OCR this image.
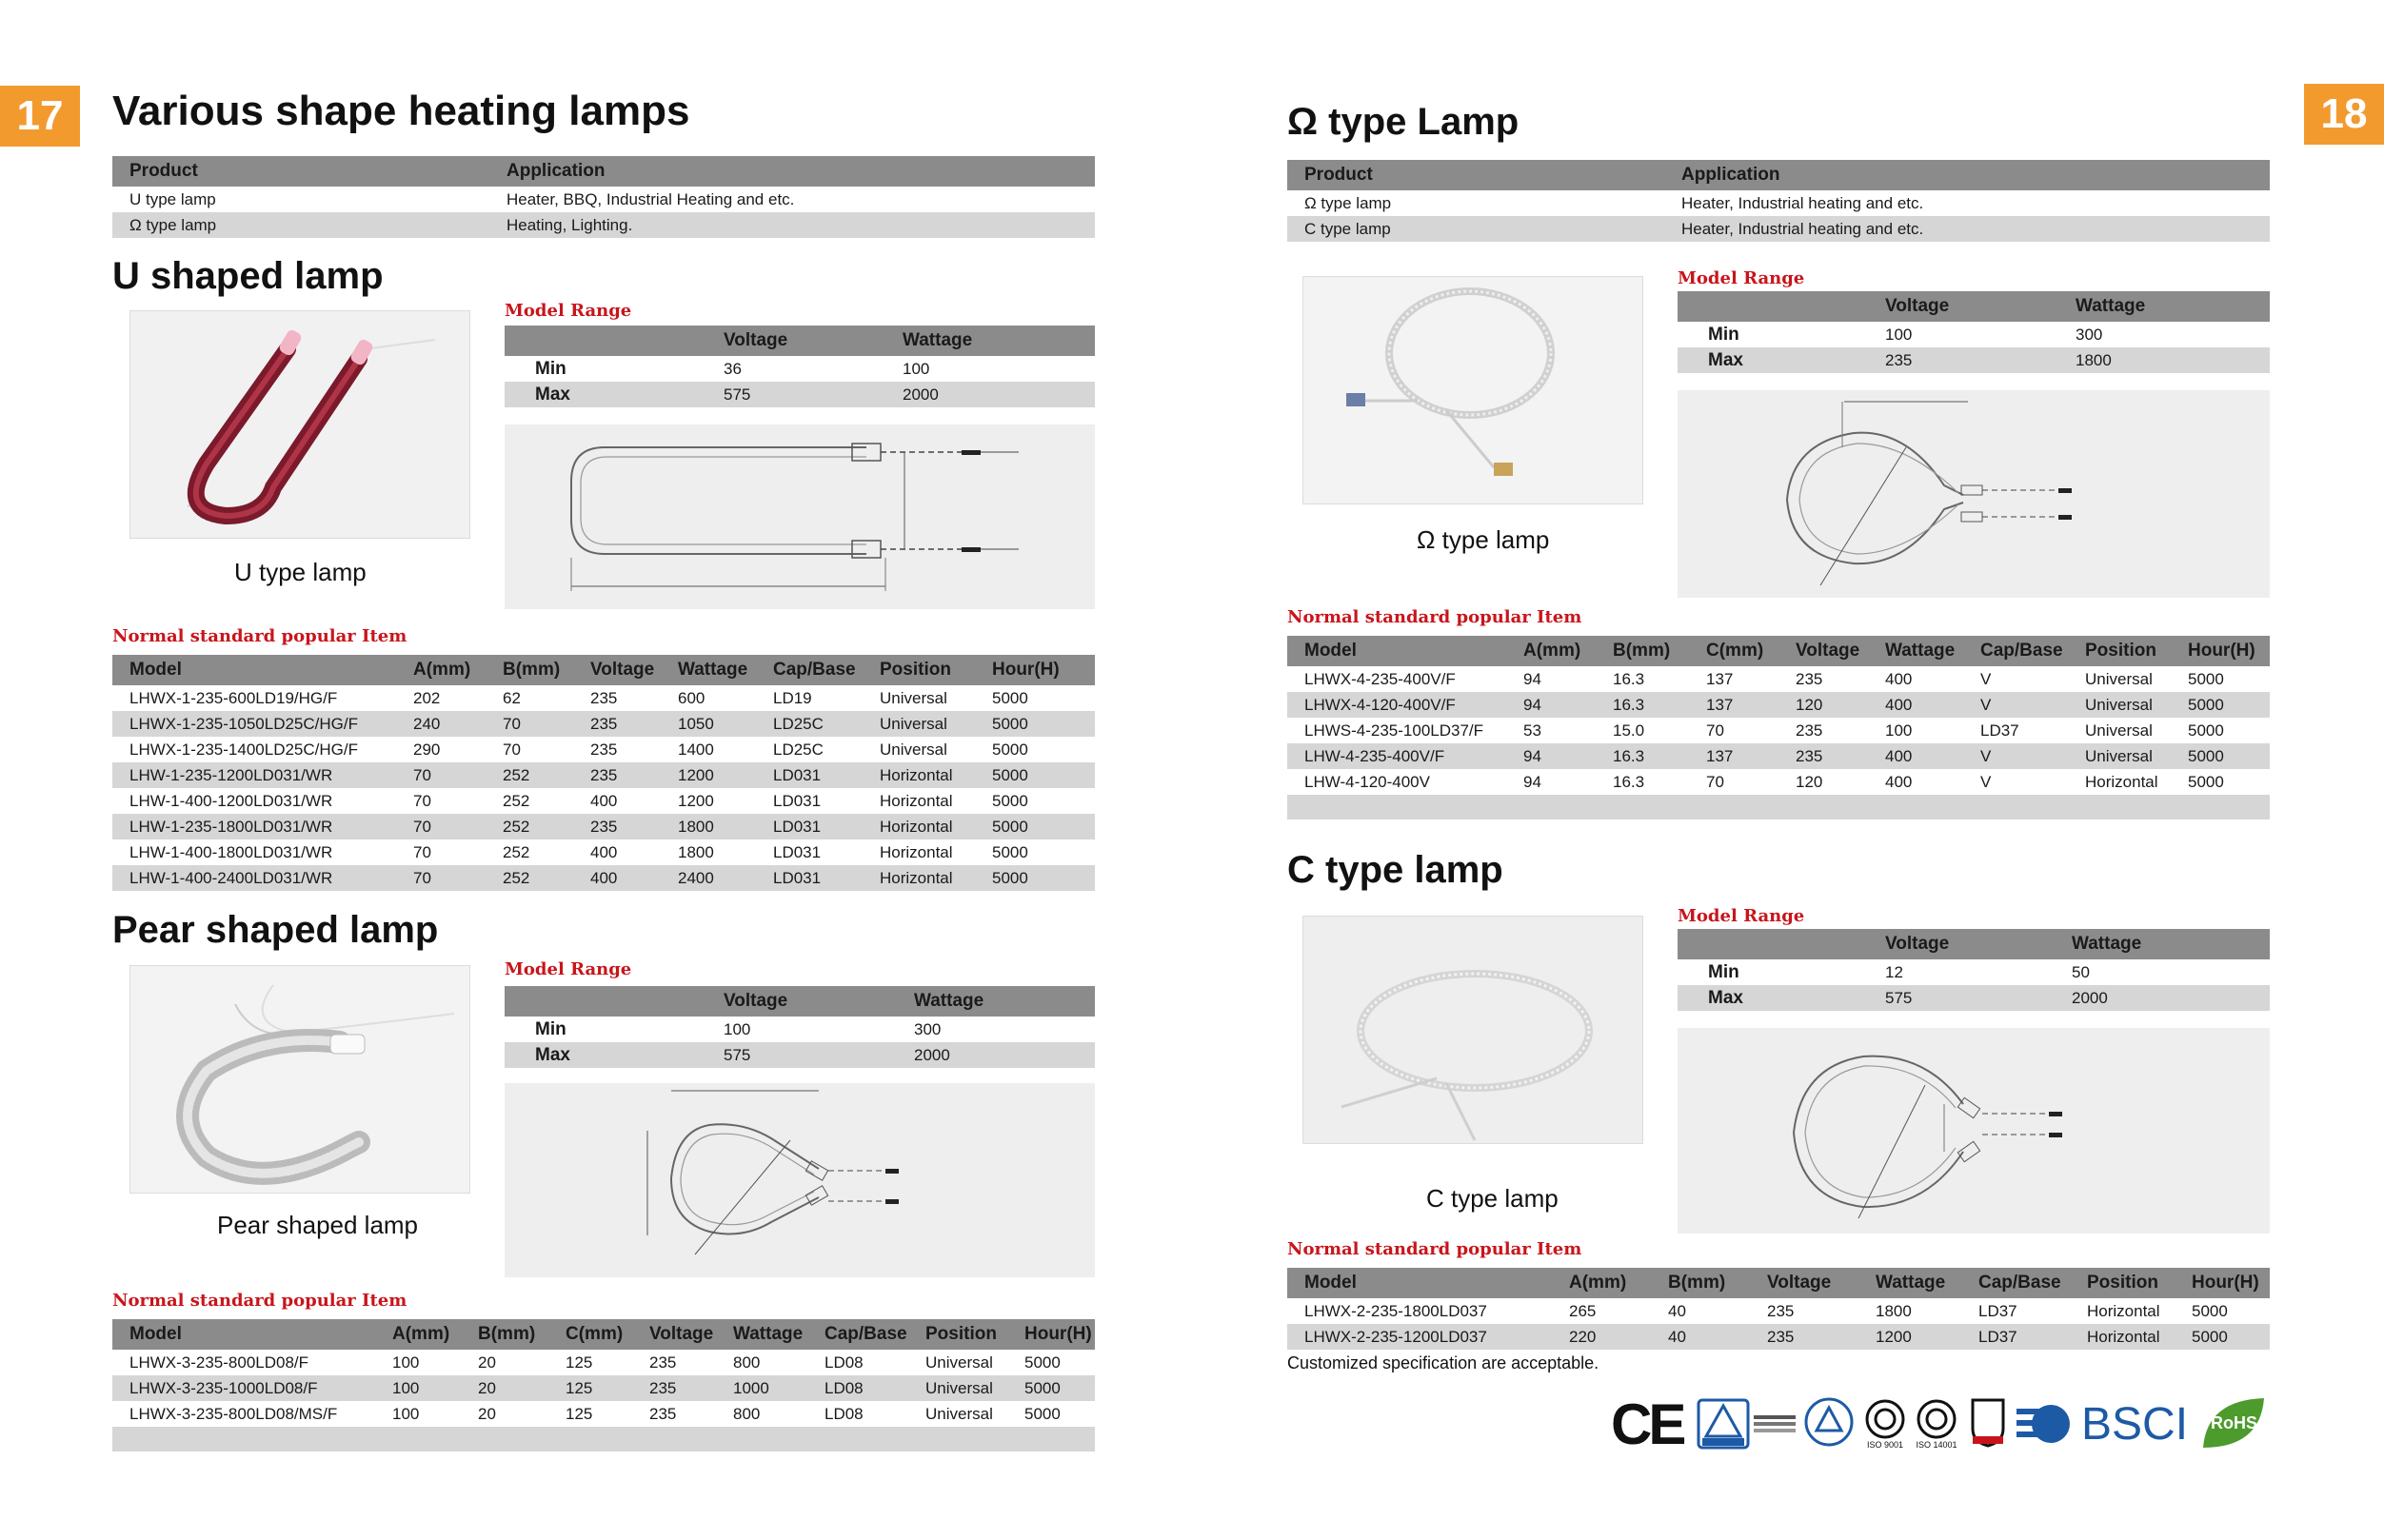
17	Various shape heating lamps
Product	Application
U type lamp	Heater, BBQ, Industrial Heating and etc.
Ω type lamp	Heating, Lighting.
U shaped lamp
U type lamp
Model Range
	Voltage	Wattage
Min	36	100
Max	575	2000
Normal standard popular Item
Model	A(mm)	B(mm)	Voltage	Wattage	Cap/Base	Position	Hour(H)
LHWX-1-235-600LD19/HG/F	202	62	235	600	LD19	Universal	5000
LHWX-1-235-1050LD25C/HG/F	240	70	235	1050	LD25C	Universal	5000
LHWX-1-235-1400LD25C/HG/F	290	70	235	1400	LD25C	Universal	5000
LHW-1-235-1200LD031/WR	70	252	235	1200	LD031	Horizontal	5000
LHW-1-400-1200LD031/WR	70	252	400	1200	LD031	Horizontal	5000
LHW-1-235-1800LD031/WR	70	252	235	1800	LD031	Horizontal	5000
LHW-1-400-1800LD031/WR	70	252	400	1800	LD031	Horizontal	5000
LHW-1-400-2400LD031/WR	70	252	400	2400	LD031	Horizontal	5000
Pear shaped lamp
Pear shaped lamp
Model Range
	Voltage	Wattage
Min	100	300
Max	575	2000
Normal standard popular Item
Model	A(mm)	B(mm)	C(mm)	Voltage	Wattage	Cap/Base	Position	Hour(H)
LHWX-3-235-800LD08/F	100	20	125	235	800	LD08	Universal	5000
LHWX-3-235-1000LD08/F	100	20	125	235	1000	LD08	Universal	5000
LHWX-3-235-800LD08/MS/F	100	20	125	235	800	LD08	Universal	5000

18
Ω type Lamp
Product	Application
Ω type lamp	Heater, Industrial heating and etc.
C type lamp	Heater, Industrial heating and etc.
Ω type lamp
Model Range
	Voltage	Wattage
Min	100	300
Max	235	1800
Normal standard popular Item
Model	A(mm)	B(mm)	C(mm)	Voltage	Wattage	Cap/Base	Position	Hour(H)
LHWX-4-235-400V/F	94	16.3	137	235	400	V	Universal	5000
LHWX-4-120-400V/F	94	16.3	137	120	400	V	Universal	5000
LHWS-4-235-100LD37/F	53	15.0	70	235	100	LD37	Universal	5000
LHW-4-235-400V/F	94	16.3	137	235	400	V	Universal	5000
LHW-4-120-400V	94	16.3	70	120	400	V	Horizontal	5000

C type lamp
C type lamp
Model Range
	Voltage	Wattage
Min	12	50
Max	575	2000
Normal standard popular Item
Model	A(mm)	B(mm)	Voltage	Wattage	Cap/Base	Position	Hour(H)
LHWX-2-235-1800LD037	265	40	235	1800	LD37	Horizontal	5000
LHWX-2-235-1200LD037	220	40	235	1200	LD37	Horizontal	5000
Customized specification are acceptable.
CE	ISO 9001 ISO 14001	BSCI RoHS
